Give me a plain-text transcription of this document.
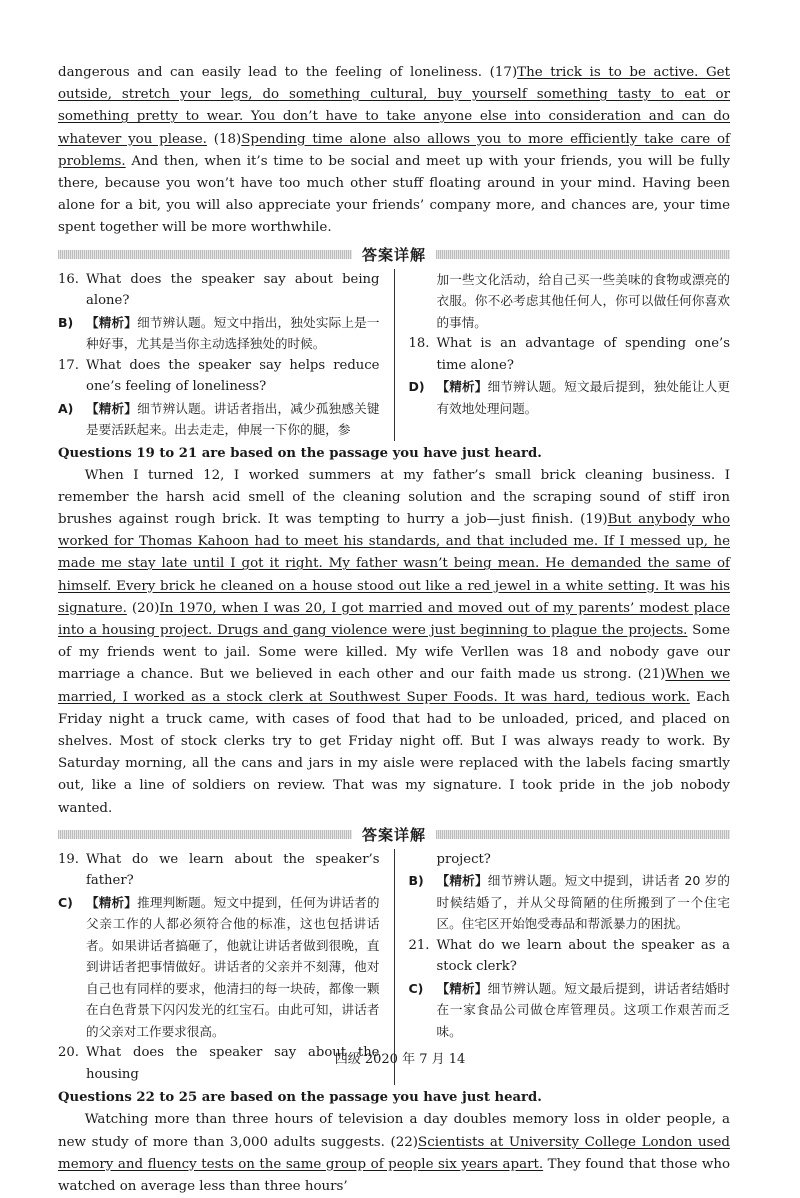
dangerous and can easily lead to the feeling of loneliness. (17)The trick is to be active. Get outside, stretch your legs, do something cultural, buy yourself something tasty to eat or something pretty to wear. You don’t have to take anyone else into consideration and can do whatever you please. (18)Spending time alone also allows you to more efficiently take care of problems. And then, when it’s time to be social and meet up with your friends, you will be fully there, because you won’t have too much other stuff floating around in your mind. Having been alone for a bit, you will also appreciate your friends’ company more, and chances are, your time spent together will be more worthwhile.

答案详解
16. What does the speaker say about being alone?
B)	【精析】细节辨认题。短文中指出，独处实际上是一种好事，尤其是当你主动选择独处的时候。
17. What does the speaker say helps reduce one’s feeling of loneliness?
A)	【精析】细节辨认题。讲话者指出，减少孤独感关键是要活跃起来。出去走走，伸展一下你的腿，参
加一些文化活动，给自己买一些美味的食物或漂亮的衣服。你不必考虑其他任何人，你可以做任何你喜欢的事情。
18. What is an advantage of spending one’s time alone?
D) 【精析】细节辨认题。短文最后提到，独处能让人更有效地处理问题。
Questions 19 to 21 are based on the passage you have just heard.

When I turned 12, I worked summers at my father’s small brick cleaning business. I remember the harsh acid smell of the cleaning solution and the scraping sound of stiff iron brushes against rough brick. It was tempting to hurry a job—just finish. (19)But anybody who worked for Thomas Kahoon had to meet his standards, and that included me. If I messed up, he made me stay late until I got it right. My father wasn’t being mean. He demanded the same of himself. Every brick he cleaned on a house stood out like a red jewel in a white setting. It was his signature. (20)In 1970, when I was 20, I got married and moved out of my parents’ modest place into a housing project. Drugs and gang violence were just beginning to plague the projects. Some of my friends went to jail. Some were killed. My wife Verllen was 18 and nobody gave our marriage a chance. But we believed in each other and our faith made us strong. (21)When we married, I worked as a stock clerk at Southwest Super Foods. It was hard, tedious work. Each Friday night a truck came, with cases of food that had to be unloaded, priced, and placed on shelves. Most of stock clerks try to get Friday night off. But I was always ready to work. By Saturday morning, all the cans and jars in my aisle were replaced with the labels facing smartly out, like a line of soldiers on review. That was my signature. I took pride in the job nobody wanted.

答案详解
19. What do we learn about the speaker’s father?
C)	【精析】推理判断题。短文中提到，任何为讲话者的父亲工作的人都必须符合他的标准，这也包括讲话者。如果讲话者搞砸了，他就让讲话者做到很晚，直到讲话者把事情做好。讲话者的父亲并不刻薄，他对自己也有同样的要求，他清扫的每一块砖，都像一颗在白色背景下闪闪发光的红宝石。由此可知，讲话者的父亲对工作要求很高。
20. What does the speaker say about the housing
project?
B)	【精析】细节辨认题。短文中提到，讲话者 20 岁的时候结婚了，并从父母简陋的住所搬到了一个住宅区。住宅区开始饱受毒品和帮派暴力的困扰。
21. What do we learn about the speaker as a stock clerk?
C)	【精析】细节辨认题。短文最后提到，讲话者结婚时在一家食品公司做仓库管理员。这项工作艰苦而乏味。
Questions 22 to 25 are based on the passage you have just heard.

Watching more than three hours of television a day doubles memory loss in older people, a new study of more than 3,000 adults suggests. (22)Scientists at University College London used memory and fluency tests on the same group of people six years apart. They found that those who watched on average less than three hours’

四级 2020 年 7 月 14
